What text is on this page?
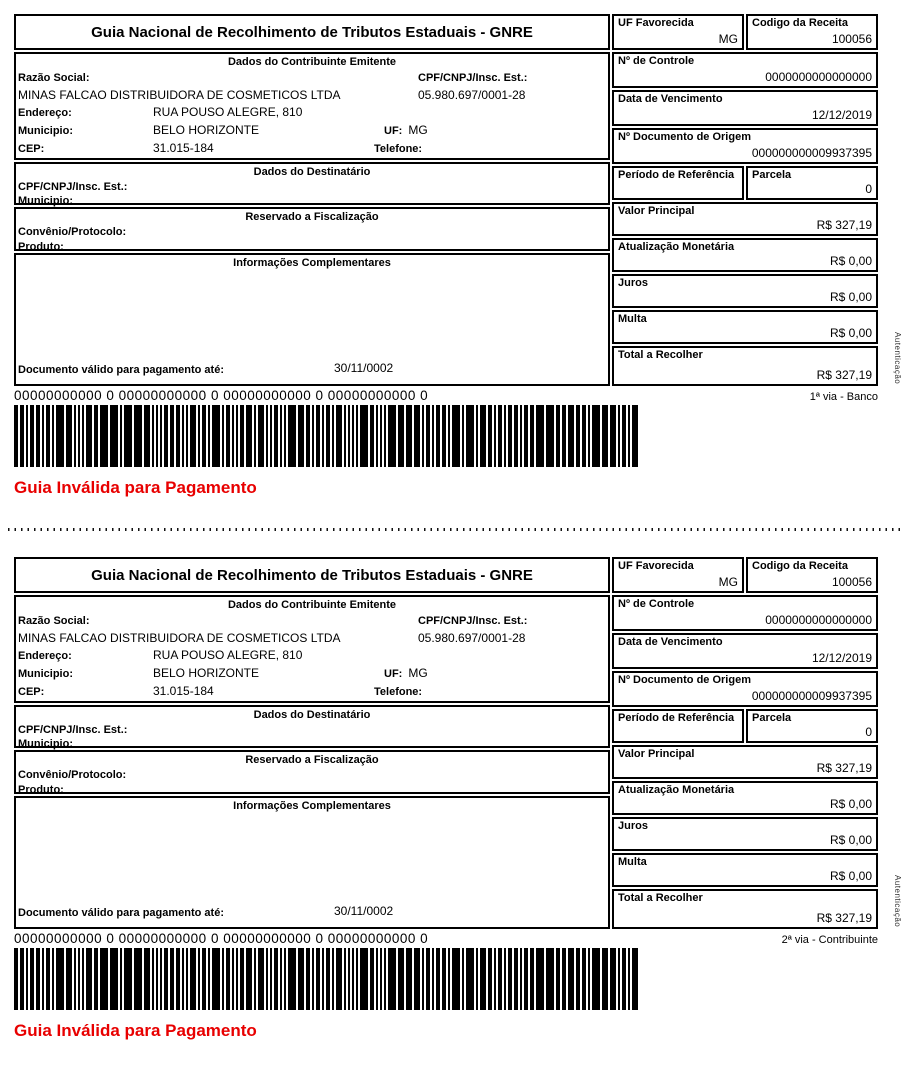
Guia Nacional de Recolhimento de Tributos Estaduais - GNRE
Dados do Contribuinte Emitente
Razão Social:	CPF/CNPJ/Insc. Est.:
MINAS FALCAO DISTRIBUIDORA DE COSMETICOS LTDA	05.980.697/0001-28
Endereço:	RUA POUSO ALEGRE, 810
Municipio:	BELO HORIZONTE	UF: MG
CEP:	31.015-184	Telefone:
Dados do Destinatário
CPF/CNPJ/Insc. Est.:
Municipio:
Reservado a Fiscalização
Convênio/Protocolo:
Produto:
Informações Complementares
Documento válido para pagamento até:	30/11/0002
UF Favorecida
MG
Codigo da Receita
100056
Nº de Controle
0000000000000000
Data de Vencimento
12/12/2019
Nº Documento de Origem
000000000009937395
Período de Referência	Parcela
0
Valor Principal
R$ 327,19
Atualização Monetária
R$ 0,00
Juros
R$ 0,00
Multa
R$ 0,00
Total a Recolher
R$ 327,19	Autenticação
00000000000 0 00000000000 0 00000000000 0 00000000000 0	1ª via - Banco
Guia Inválida para Pagamento
Guia Nacional de Recolhimento de Tributos Estaduais - GNRE
Dados do Contribuinte Emitente
Razão Social:	CPF/CNPJ/Insc. Est.:
MINAS FALCAO DISTRIBUIDORA DE COSMETICOS LTDA	05.980.697/0001-28
Endereço:	RUA POUSO ALEGRE, 810
Municipio:	BELO HORIZONTE	UF: MG
CEP:	31.015-184	Telefone:
Dados do Destinatário
CPF/CNPJ/Insc. Est.:
Municipio:
Reservado a Fiscalização
Convênio/Protocolo:
Produto:
Informações Complementares
Documento válido para pagamento até:	30/11/0002
UF Favorecida
MG
Codigo da Receita
100056
Nº de Controle
0000000000000000
Data de Vencimento
12/12/2019
Nº Documento de Origem
000000000009937395
Período de Referência	Parcela
0
Valor Principal
R$ 327,19
Atualização Monetária
R$ 0,00
Juros
R$ 0,00
Multa
R$ 0,00
Total a Recolher
R$ 327,19	Autenticação
00000000000 0 00000000000 0 00000000000 0 00000000000 0	2ª via - Contribuinte
Guia Inválida para Pagamento
